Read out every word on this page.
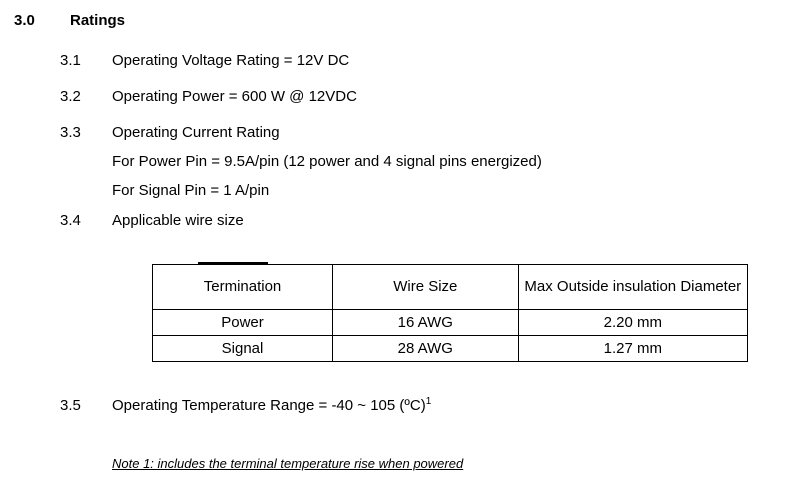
3.0 Ratings
3.1 Operating Voltage Rating = 12V DC
3.2 Operating Power = 600 W @ 12VDC
3.3 Operating Current Rating
For Power Pin = 9.5A/pin (12 power and 4 signal pins energized)
For Signal Pin = 1 A/pin
3.4 Applicable wire size
Termination	Wire Size	Max Outside insulation Diameter
Power	16 AWG	2.20 mm
Signal	28 AWG	1.27 mm
3.5 Operating Temperature Range = -40 ~ 105 (ºC)$^1$
Note 1: includes the terminal temperature rise when powered
